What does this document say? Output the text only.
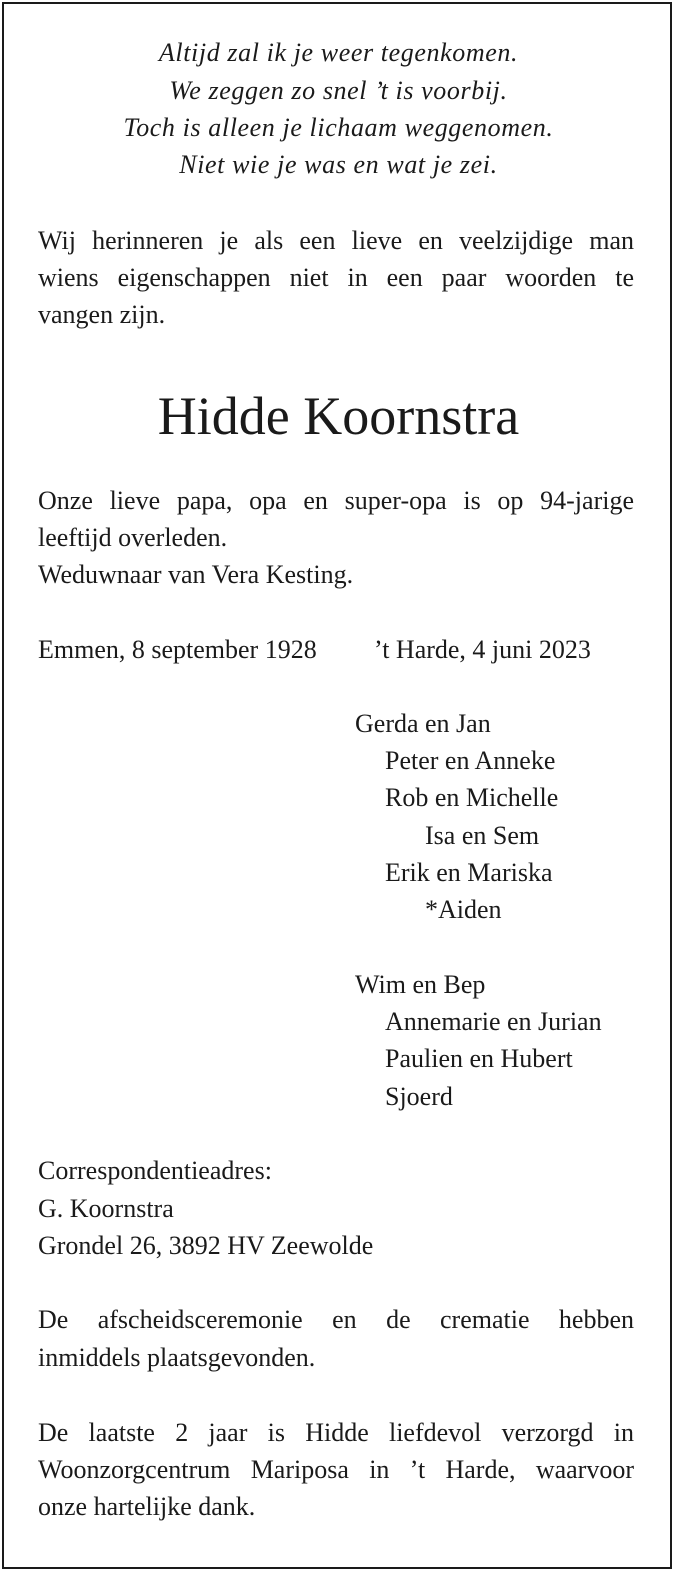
Altijd zal ik je weer tegenkomen.
We zeggen zo snel ’t is voorbij.
Toch is alleen je lichaam weggenomen.
Niet wie je was en wat je zei.
Wij herinneren je als een lieve en veelzijdige man
wiens eigenschappen niet in een paar woorden te
vangen zijn.
Hidde Koornstra
Onze lieve papa, opa en super-opa is op 94-jarige
leeftijd overleden.
Weduwnaar van Vera Kesting.
Emmen, 8 september 1928 ’t Harde, 4 juni 2023
Gerda en Jan
Peter en Anneke
Rob en Michelle
Isa en Sem
Erik en Mariska
*Aiden
Wim en Bep
Annemarie en Jurian
Paulien en Hubert
Sjoerd
Correspondentieadres:
G. Koornstra
Grondel 26, 3892 HV Zeewolde
De afscheidsceremonie en de crematie hebben
inmiddels plaatsgevonden.
De laatste 2 jaar is Hidde liefdevol verzorgd in
Woonzorgcentrum Mariposa in ’t Harde, waarvoor
onze hartelijke dank.
